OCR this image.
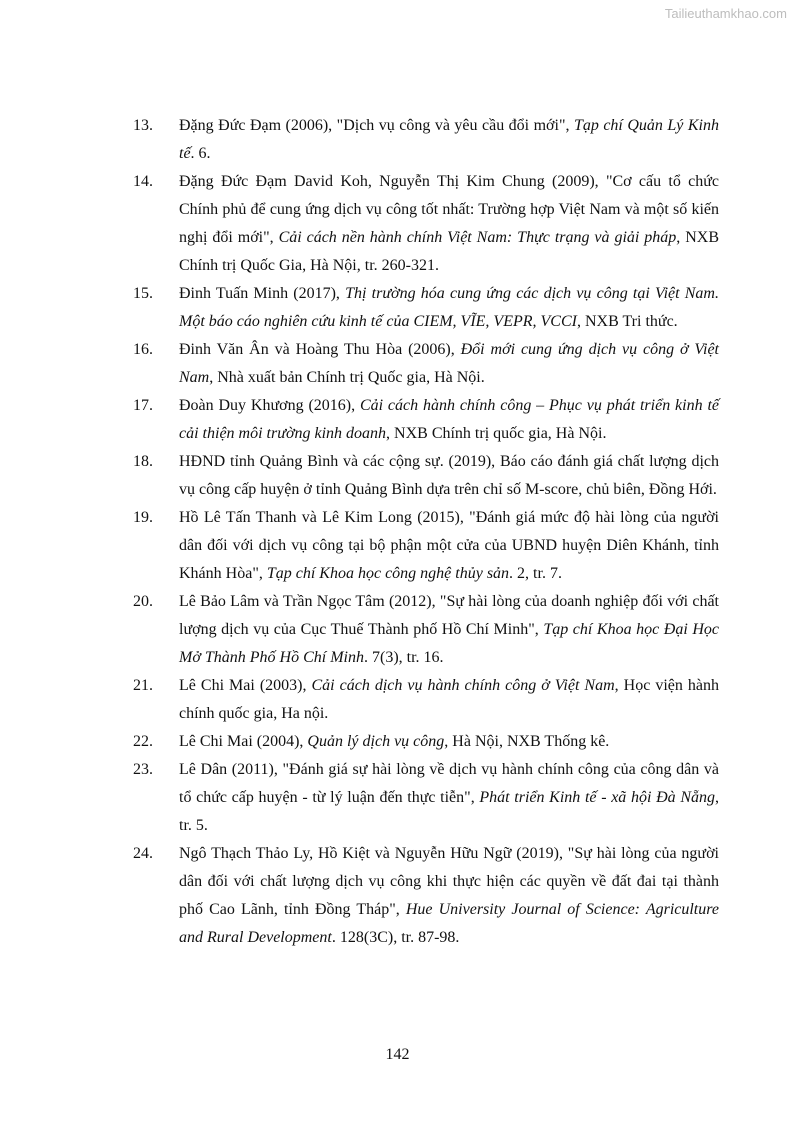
Tailieuthamkhao.com
13.	Đặng Đức Đạm (2006), "Dịch vụ công và yêu cầu đổi mới", Tạp chí Quản Lý Kinh tế. 6.
14.	Đặng Đức Đạm David Koh, Nguyễn Thị Kim Chung (2009), "Cơ cấu tổ chức Chính phủ để cung ứng dịch vụ công tốt nhất: Trường hợp Việt Nam và một số kiến nghị đổi mới", Cải cách nền hành chính Việt Nam: Thực trạng và giải pháp, NXB Chính trị Quốc Gia, Hà Nội, tr. 260-321.
15.	Đinh Tuấn Minh (2017), Thị trường hóa cung ứng các dịch vụ công tại Việt Nam. Một báo cáo nghiên cứu kinh tế của CIEM, VĨE, VEPR, VCCI, NXB Tri thức.
16.	Đinh Văn Ân và Hoàng Thu Hòa (2006), Đổi mới cung ứng dịch vụ công ở Việt Nam, Nhà xuất bản Chính trị Quốc gia, Hà Nội.
17.	Đoàn Duy Khương (2016), Cải cách hành chính công – Phục vụ phát triển kinh tế cải thiện môi trường kinh doanh, NXB Chính trị quốc gia, Hà Nội.
18.	HĐND tỉnh Quảng Bình và các cộng sự. (2019), Báo cáo đánh giá chất lượng dịch vụ công cấp huyện ở tỉnh Quảng Bình dựa trên chỉ số M-score, chủ biên, Đồng Hới.
19.	Hồ Lê Tấn Thanh và Lê Kim Long (2015), "Đánh giá mức độ hài lòng của người dân đối với dịch vụ công tại bộ phận một cửa của UBND huyện Diên Khánh, tỉnh Khánh Hòa", Tạp chí Khoa học công nghệ thủy sản. 2, tr. 7.
20.	Lê Bảo Lâm và Trần Ngọc Tâm (2012), "Sự hài lòng của doanh nghiệp đối với chất lượng dịch vụ của Cục Thuế Thành phố Hồ Chí Minh", Tạp chí Khoa học Đại Học Mở Thành Phố Hồ Chí Minh. 7(3), tr. 16.
21.	Lê Chi Mai (2003), Cải cách dịch vụ hành chính công ở Việt Nam, Học viện hành chính quốc gia, Ha nội.
22.	Lê Chi Mai (2004), Quản lý dịch vụ công, Hà Nội, NXB Thống kê.
23.	Lê Dân (2011), "Đánh giá sự hài lòng về dịch vụ hành chính công của công dân và tổ chức cấp huyện - từ lý luận đến thực tiễn", Phát triển Kinh tế - xã hội Đà Nẵng, tr. 5.
24.	Ngô Thạch Thảo Ly, Hồ Kiệt và Nguyễn Hữu Ngữ (2019), "Sự hài lòng của người dân đối với chất lượng dịch vụ công khi thực hiện các quyền về đất đai tại thành phố Cao Lãnh, tỉnh Đồng Tháp", Hue University Journal of Science: Agriculture and Rural Development. 128(3C), tr. 87-98.
142
